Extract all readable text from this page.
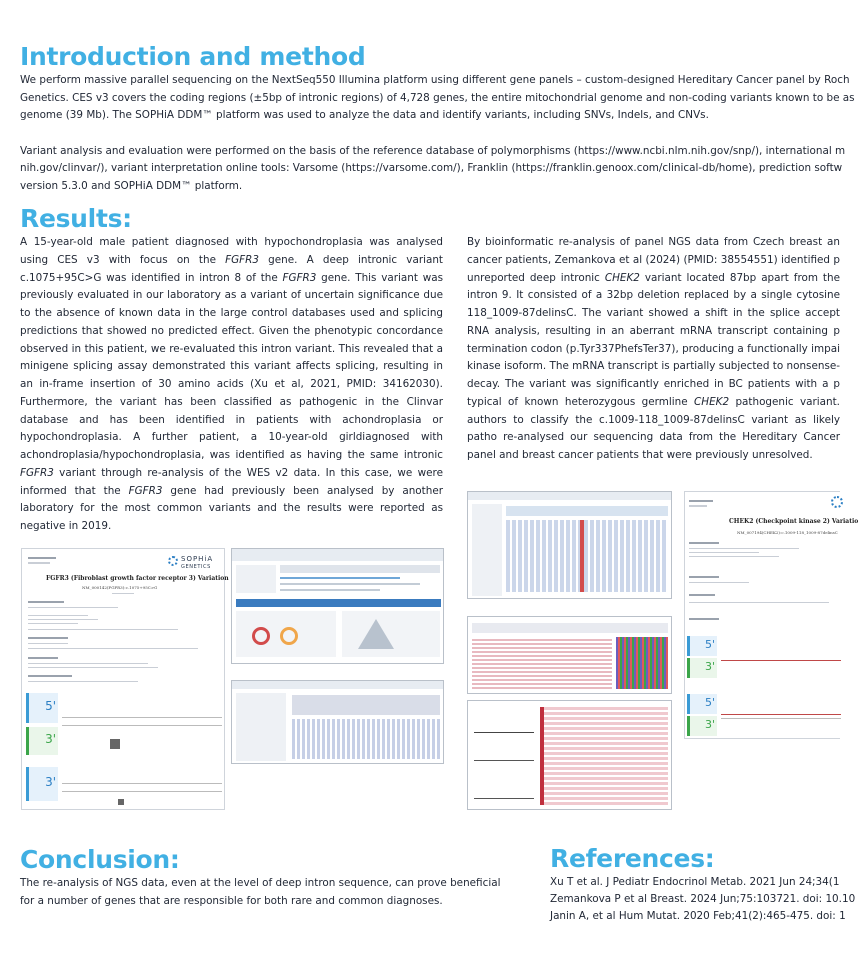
Introduction and method
We perform massive parallel sequencing on the NextSeq550 Illumina platform using different gene panels – custom-designed Hereditary Cancer panel by Roch
Genetics. CES v3 covers the coding regions (±5bp of intronic regions) of 4,728 genes, the entire mitochondrial genome and non-coding variants known to be as
genome (39 Mb). The SOPHiA DDM™ platform was used to analyze the data and identify variants, including SNVs, Indels, and CNVs.
Variant analysis and evaluation were performed on the basis of the reference database of polymorphisms (https://www.ncbi.nlm.nih.gov/snp/), international m
nih.gov/clinvar/), variant interpretation online tools: Varsome (https://varsome.com/), Franklin (https://franklin.genoox.com/clinical-db/home), prediction softw
version 5.3.0 and SOPHiA DDM™ platform.
Results:
A 15-year-old male patient diagnosed with hypochondroplasia was analysed using CES v3 with focus on the FGFR3 gene. A deep intronic variant c.1075+95C>G was identified in intron 8 of the FGFR3 gene. This variant was previously evaluated in our laboratory as a variant of uncertain significance due to the absence of known data in the large control databases used and splicing predictions that showed no predicted effect. Given the phenotypic concordance observed in this patient, we re-evaluated this intron variant. This revealed that a minigene splicing assay demonstrated this variant affects splicing, resulting in an in-frame insertion of 30 amino acids (Xu et al, 2021, PMID: 34162030). Furthermore, the variant has been classified as pathogenic in the Clinvar database and has been identified in patients with achondroplasia or hypochondroplasia. A further patient, a 10-year-old girldiagnosed with achondroplasia/hypochondroplasia, was identified as having the same intronic FGFR3 variant through re-analysis of the WES v2 data. In this case, we were informed that the FGFR3 gene had previously been analysed by another laboratory for the most common variants and the results were reported as negative in 2019.
By bioinformatic re-analysis of panel NGS data from Czech breast an cancer patients, Zemankova et al (2024) (PMID: 38554551) identified p unreported deep intronic CHEK2 variant located 87bp apart from the intron 9. It consisted of a 32bp deletion replaced by a single cytosine 118_1009-87delinsC. The variant showed a shift in the splice accept RNA analysis, resulting in an aberrant mRNA transcript containing p termination codon (p.Tyr337PhefsTer37), producing a functionally impai kinase isoform. The mRNA transcript is partially subjected to nonsense- decay. The variant was significantly enriched in BC patients with a p typical of known heterozygous germline CHEK2 pathogenic variant. authors to classify the c.1009-118_1009-87delinsC variant as likely patho re-analysed our sequencing data from the Hereditary Cancer panel and breast cancer patients that were previously unresolved.
SOPHiA
GENETICS
FGFR3 (Fibroblast growth factor receptor 3) Variation
NM_000142(FGFR3):c.1075+95C>G
5'
3'
3'
CHEK2 (Checkpoint kinase 2) Variatio
NM_007194(CHEK2):c.1009-118_1009-87delinsC
5'
3'
5'
3'
Conclusion:
The re-analysis of NGS data, even at the level of deep intron sequence, can prove beneficial
for a number of genes that are responsible for both rare and common diagnoses.
References:
Xu T et al. J Pediatr Endocrinol Metab. 2021 Jun 24;34(1
Zemankova P et al Breast. 2024 Jun;75:103721. doi: 10.10
Janin A, et al Hum Mutat. 2020 Feb;41(2):465-475. doi: 1
